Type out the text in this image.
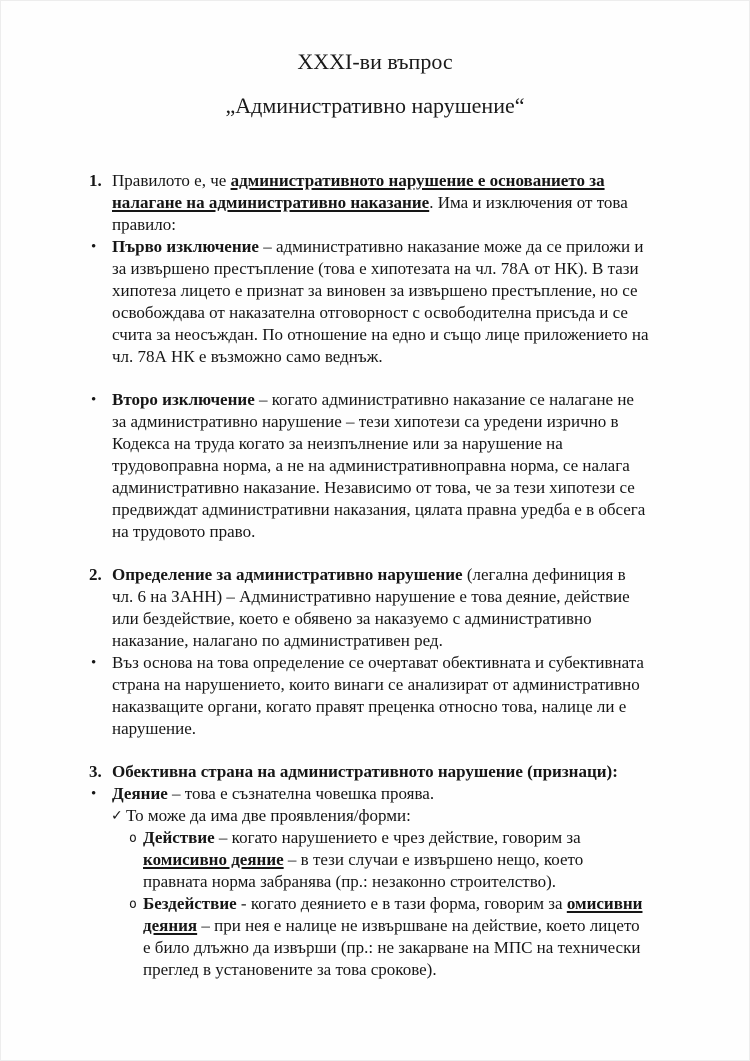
XXXI-ви въпрос
„Административно нарушение“
1. Правилото е, че административното нарушение е основанието за налагане на административно наказание. Има и изключения от това правило:
• Първо изключение – административно наказание може да се приложи и за извършено престъпление (това е хипотезата на чл. 78А от НК). В тази хипотеза лицето е признат за виновен за извършено престъпление, но се освобождава от наказателна отговорност с освободителна присъда и се счита за неосъждан. По отношение на едно и също лице приложението на чл. 78А НК е възможно само веднъж.
• Второ изключение – когато административно наказание се налагане не за административно нарушение – тези хипотези са уредени изрично в Кодекса на труда когато за неизпълнение или за нарушение на трудовоправна норма, а не на административноправна норма, се налага административно наказание. Независимо от това, че за тези хипотези се предвиждат административни наказания, цялата правна уредба е в обсега на трудовото право.
2. Определение за административно нарушение (легална дефиниция в чл. 6 на ЗАНН) – Административно нарушение е това деяние, действие или бездействие, което е обявено за наказуемо с административно наказание, налагано по административен ред.
• Въз основа на това определение се очертават обективната и субективната страна на нарушението, които винаги се анализират от административно наказващите органи, когато правят преценка относно това, налице ли е нарушение.
3. Обективна страна на административното нарушение (признаци):
• Деяние – това е съзнателна човешка проява.
✓ То може да има две проявления/форми:
o Действие – когато нарушението е чрез действие, говорим за комисивно деяние – в тези случаи е извършено нещо, което правната норма забранява (пр.: незаконно строителство).
o Бездействие - когато деянието е в тази форма, говорим за омисивни деяния – при нея е налице не извършване на действие, което лицето е било длъжно да извърши (пр.: не закарване на МПС на технически преглед в установените за това срокове).
